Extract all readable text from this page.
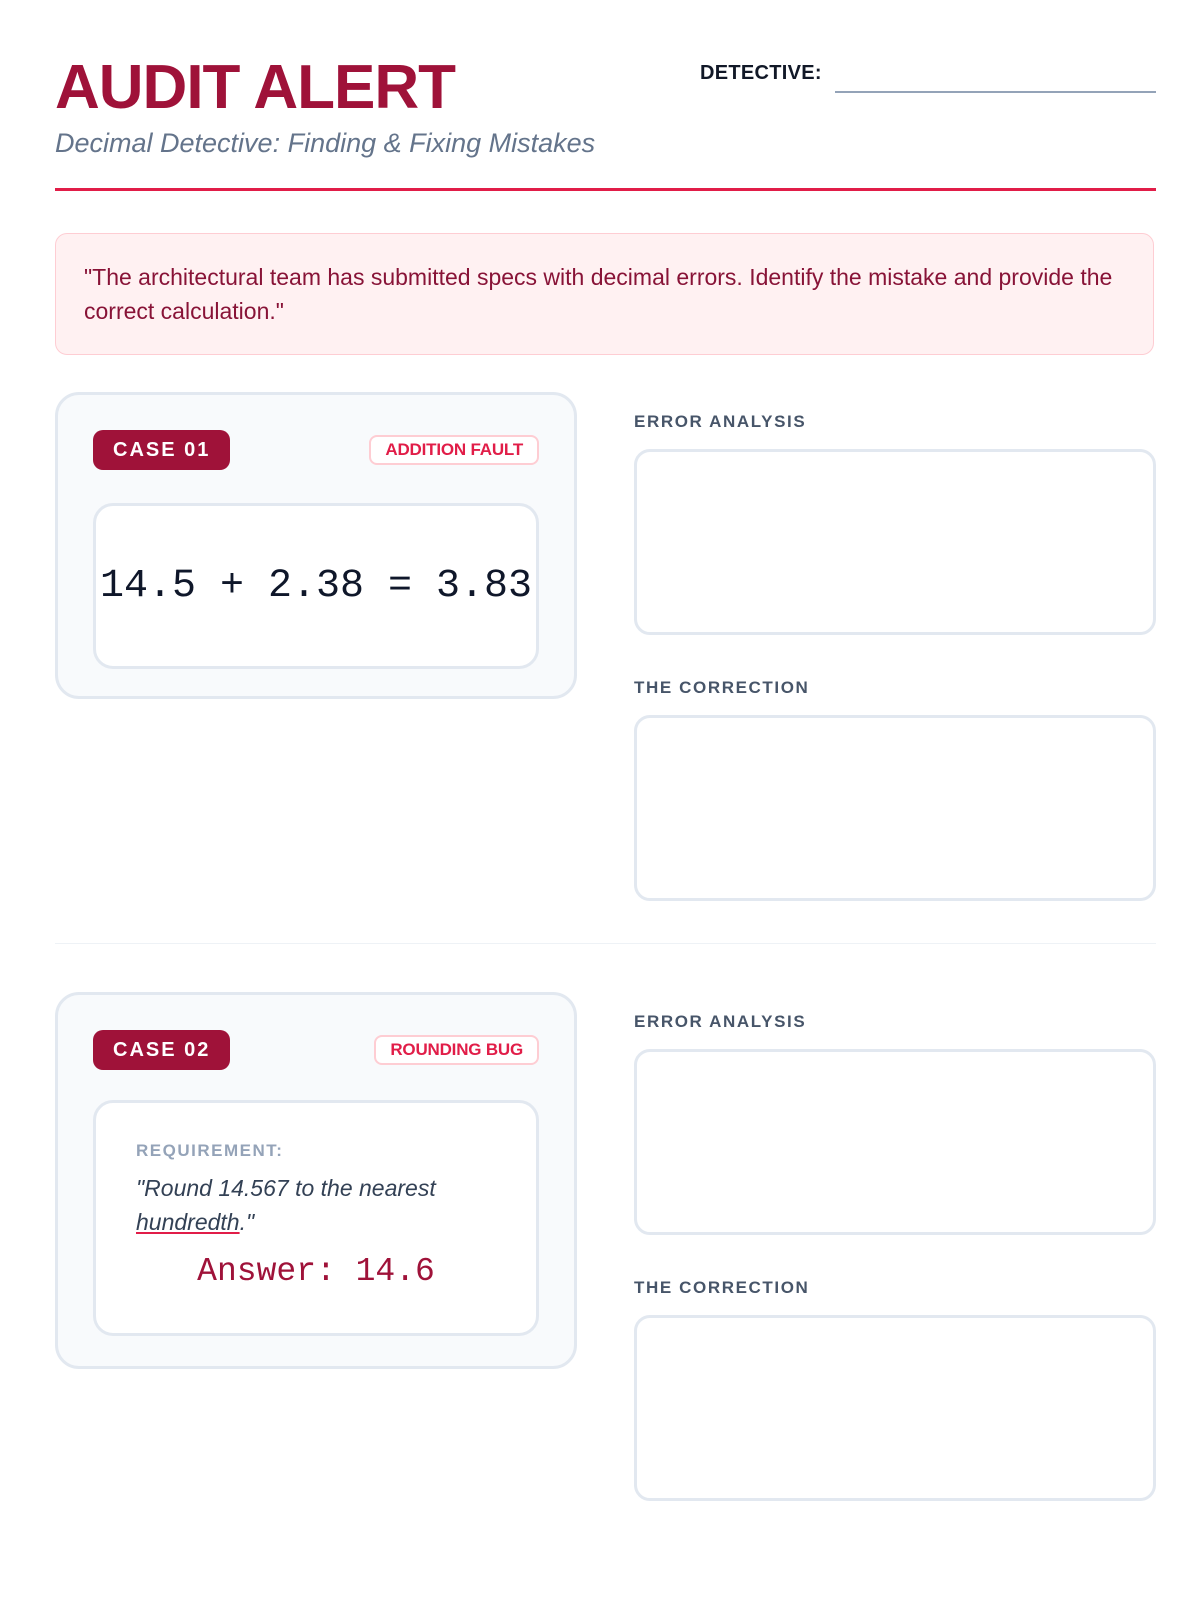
AUDIT ALERT
Decimal Detective: Finding & Fixing Mistakes
DETECTIVE:
"The architectural team has submitted specs with decimal errors. Identify the mistake and provide the correct calculation."
CASE 01	ADDITION FAULT
14.5 + 2.38 = 3.83
ERROR ANALYSIS
THE CORRECTION
CASE 02	ROUNDING BUG
REQUIREMENT:
"Round 14.567 to the nearest hundredth."
Answer: 14.6
ERROR ANALYSIS
THE CORRECTION
